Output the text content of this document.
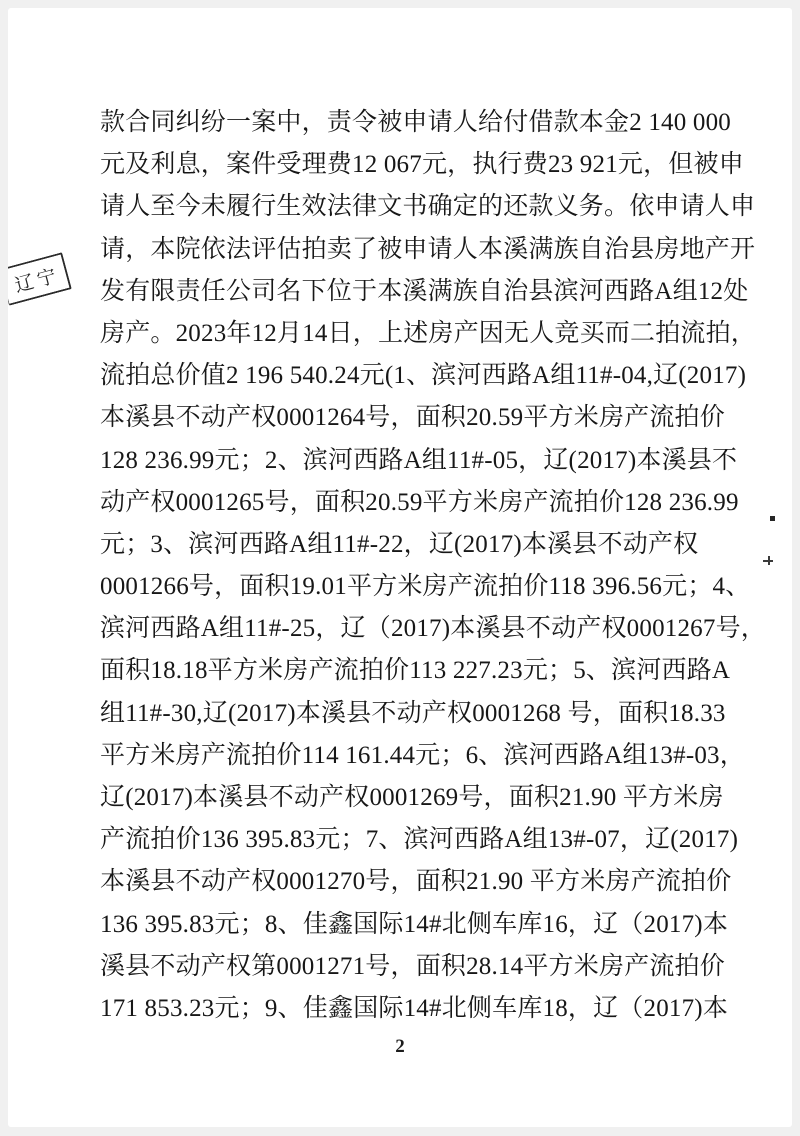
辽宁
款合同纠纷一案中，责令被申请人给付借款本金2 140 000
元及利息，案件受理费12 067元，执行费23 921元，但被申
请人至今未履行生效法律文书确定的还款义务。依申请人申
请，本院依法评估拍卖了被申请人本溪满族自治县房地产开
发有限责任公司名下位于本溪满族自治县滨河西路A组12处
房产。2023年12月14日，上述房产因无人竞买而二拍流拍，
流拍总价值2 196 540.24元(1、滨河西路A组11#-04,辽(2017)
本溪县不动产权0001264号，面积20.59平方米房产流拍价
128 236.99元；2、滨河西路A组11#-05，辽(2017)本溪县不
动产权0001265号，面积20.59平方米房产流拍价128 236.99
元；3、滨河西路A组11#-22，辽(2017)本溪县不动产权
0001266号，面积19.01平方米房产流拍价118 396.56元；4、
滨河西路A组11#-25，辽（2017)本溪县不动产权0001267号，
面积18.18平方米房产流拍价113 227.23元；5、滨河西路A
组11#-30,辽(2017)本溪县不动产权0001268 号，面积18.33
平方米房产流拍价114 161.44元；6、滨河西路A组13#-03，
辽(2017)本溪县不动产权0001269号，面积21.90 平方米房
产流拍价136 395.83元；7、滨河西路A组13#-07，辽(2017)
本溪县不动产权0001270号，面积21.90 平方米房产流拍价
136 395.83元；8、佳鑫国际14#北侧车库16，辽（2017)本
溪县不动产权第0001271号，面积28.14平方米房产流拍价
171 853.23元；9、佳鑫国际14#北侧车库18，辽（2017)本
2
